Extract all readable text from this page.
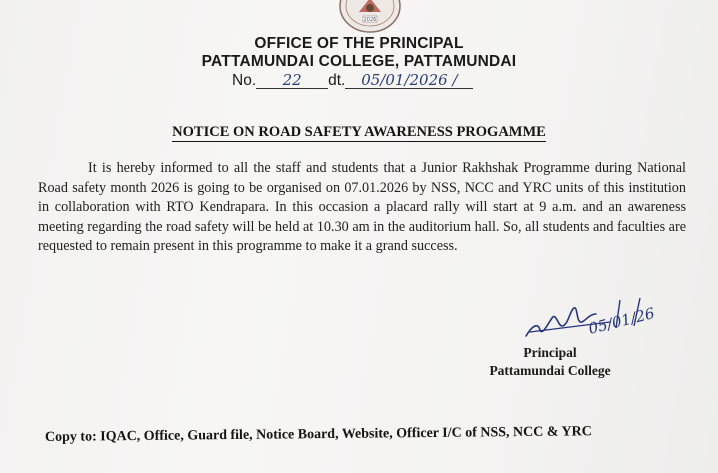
2026
OFFICE OF THE PRINCIPAL
PATTAMUNDAI COLLEGE, PATTAMUNDAI
No. 22 dt. 05/01/2026 /
NOTICE ON ROAD SAFETY AWARENESS PROGAMME

It is hereby informed to all the staff and students that a Junior Rakhshak Programme during National Road safety month 2026 is going to be organised on 07.01.2026 by NSS, NCC and YRC units of this institution in collaboration with RTO Kendrapara. In this occasion a placard rally will start at 9 a.m. and an awareness meeting regarding the road safety will be held at 10.30 am in the auditorium hall. So, all students and faculties are requested to remain present in this programme to make it a grand success.

05/01/26
Principal
Pattamundai College
Copy to: IQAC, Office, Guard file, Notice Board, Website, Officer I/C of NSS, NCC & YRC
